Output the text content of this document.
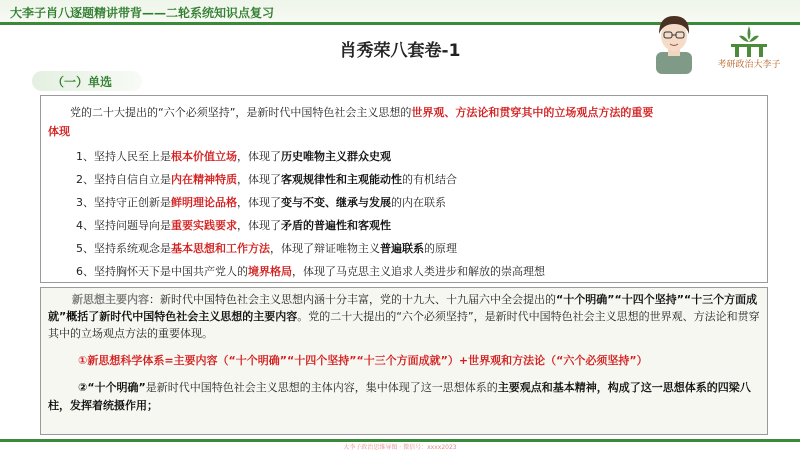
大李子肖八逐题精讲带背——二轮系统知识点复习
肖秀荣八套卷-1
考研政治大李子
（一）单选
党的二十大提出的“六个必须坚持”，是新时代中国特色社会主义思想的世界观、方法论和贯穿其中的立场观点方法的重要
体现
1、坚持人民至上是根本价值立场，体现了历史唯物主义群众史观
2、坚持自信自立是内在精神特质，体现了客观规律性和主观能动性的有机结合
3、坚持守正创新是鲜明理论品格，体现了变与不变、继承与发展的内在联系
4、坚持问题导向是重要实践要求，体现了矛盾的普遍性和客观性
5、坚持系统观念是基本思想和工作方法，体现了辩证唯物主义普遍联系的原理
6、坚持胸怀天下是中国共产党人的境界格局，体现了马克思主义追求人类进步和解放的崇高理想
新思想主要内容：新时代中国特色社会主义思想内涵十分丰富，党的十九大、十九届六中全会提出的“十个明确”“十四个坚持”“十三个方面成就”概括了新时代中国特色社会主义思想的主要内容。党的二十大提出的“六个必须坚持”，是新时代中国特色社会主义思想的世界观、方法论和贯穿其中的立场观点方法的重要体现。
①新思想科学体系=主要内容（“十个明确”“十四个坚持”“十三个方面成就”）+世界观和方法论（“六个必须坚持”）
②“十个明确”是新时代中国特色社会主义思想的主体内容，集中体现了这一思想体系的主要观点和基本精神，构成了这一思想体系的四梁八柱，发挥着统摄作用；
大李子政治思维导图 · 微信号：xxxx2023
